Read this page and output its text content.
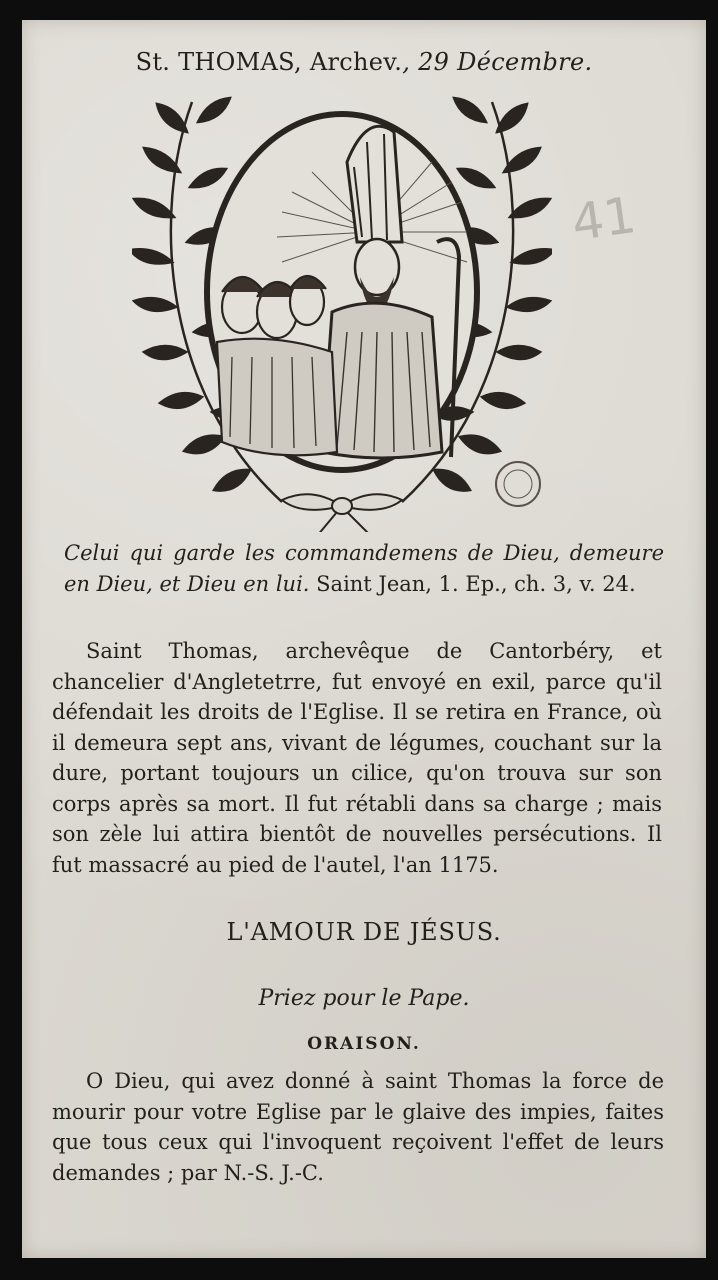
St. THOMAS, Archev., 29 Décembre.
41
Celui qui garde les commandemens de Dieu, demeure en Dieu, et Dieu en lui. Saint Jean, 1. Ep., ch. 3, v. 24.
Saint Thomas, archevêque de Cantorbéry, et chancelier d'Angletetrre, fut envoyé en exil, parce qu'il défendait les droits de l'Eglise. Il se retira en France, où il demeura sept ans, vivant de légumes, couchant sur la dure, portant toujours un cilice, qu'on trouva sur son corps après sa mort. Il fut rétabli dans sa charge ; mais son zèle lui attira bientôt de nouvelles persécutions. Il fut massacré au pied de l'autel, l'an 1175.
L'AMOUR DE JÉSUS.
Priez pour le Pape.
ORAISON.
O Dieu, qui avez donné à saint Thomas la force de mourir pour votre Eglise par le glaive des impies, faites que tous ceux qui l'invoquent reçoivent l'effet de leurs demandes ; par N.-S. J.-C.
